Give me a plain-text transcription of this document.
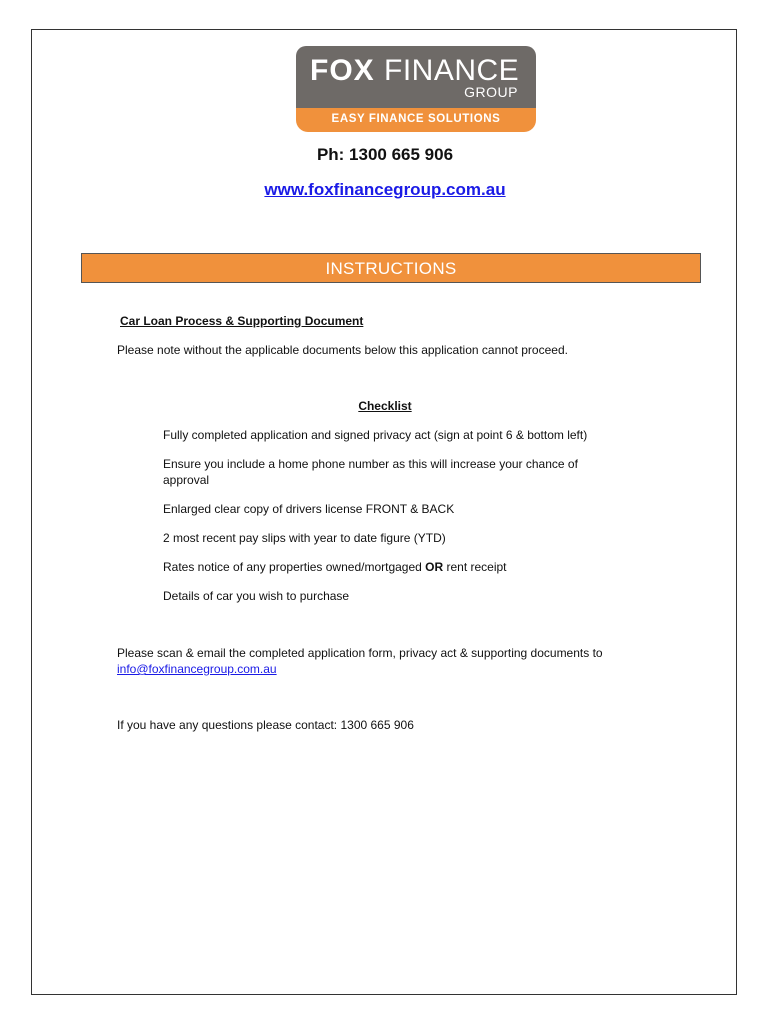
FOX FINANCE
GROUP
EASY FINANCE SOLUTIONS
Ph: 1300 665 906
www.foxfinancegroup.com.au
INSTRUCTIONS
Car Loan Process & Supporting Document
Please note without the applicable documents below this application cannot proceed.
Checklist
Fully completed application and signed privacy act (sign at point 6 & bottom left)
Ensure you include a home phone number as this will increase your chance of approval
Enlarged clear copy of drivers license FRONT & BACK
2 most recent pay slips with year to date figure (YTD)
Rates notice of any properties owned/mortgaged OR rent receipt
Details of car you wish to purchase
Please scan & email the completed application form, privacy act & supporting documents to
info@foxfinancegroup.com.au
If you have any questions please contact: 1300 665 906
